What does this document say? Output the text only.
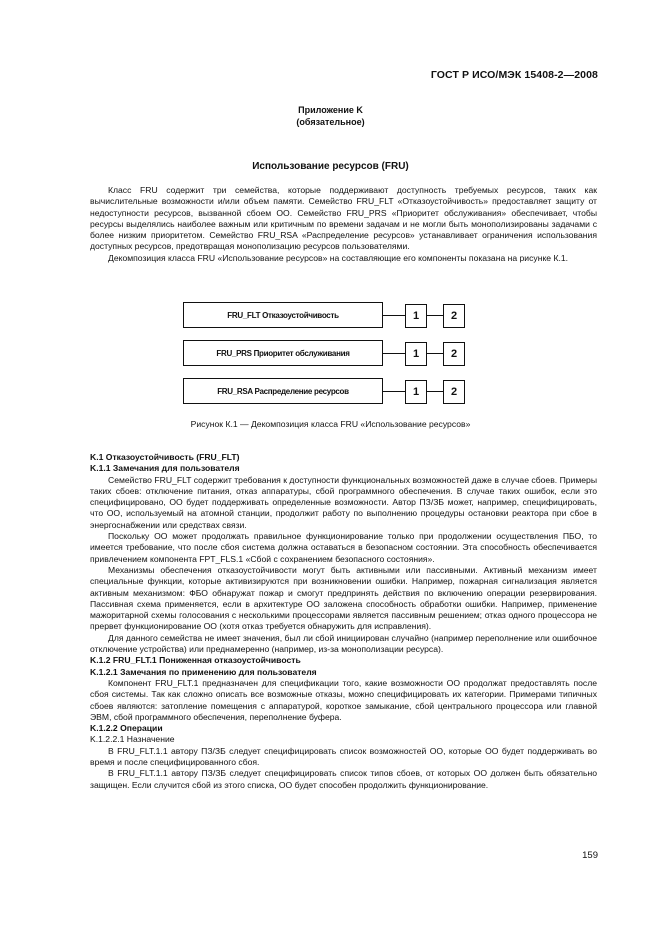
ГОСТ Р ИСО/МЭК 15408-2—2008
Приложение K
(обязательное)
Использование ресурсов (FRU)

Класс FRU содержит три семейства, которые поддерживают доступность требуемых ресурсов, таких как вычислительные возможности и/или объем памяти. Семейство FRU_FLT «Отказоустойчивость» предоставляет защиту от недоступности ресурсов, вызванной сбоем ОО. Семейство FRU_PRS «Приоритет обслуживания» обеспечивает, чтобы ресурсы выделялись наиболее важным или критичным по времени задачам и не могли быть монополизированы задачами с более низким приоритетом. Семейство FRU_RSA «Распределение ресурсов» устанавливает ограничения использования доступных ресурсов, предотвращая монополизацию ресурсов пользователями.

Декомпозиция класса FRU «Использование ресурсов» на составляющие его компоненты показана на рисунке К.1.

FRU_FLT Отказоустойчивость	1	2
FRU_PRS Приоритет обслуживания	1	2
FRU_RSA Распределение ресурсов	1	2
Рисунок К.1 — Декомпозиция класса FRU «Использование ресурсов»

K.1 Отказоустойчивость (FRU_FLT)

K.1.1 Замечания для пользователя

Семейство FRU_FLT содержит требования к доступности функциональных возможностей даже в случае сбоев. Примеры таких сбоев: отключение питания, отказ аппаратуры, сбой программного обеспечения. В случае таких ошибок, если это специфицировано, ОО будет поддерживать определенные возможности. Автор ПЗ/ЗБ может, например, специфицировать, что ОО, используемый на атомной станции, продолжит работу по выполнению процедуры остановки реактора при сбое в энергоснабжении или средствах связи.

Поскольку ОО может продолжать правильное функционирование только при продолжении осуществления ПБО, то имеется требование, что после сбоя система должна оставаться в безопасном состоянии. Эта способность обеспечивается привлечением компонента FPT_FLS.1 «Сбой с сохранением безопасного состояния».

Механизмы обеспечения отказоустойчивости могут быть активными или пассивными. Активный механизм имеет специальные функции, которые активизируются при возникновении ошибки. Например, пожарная сигнализация является активным механизмом: ФБО обнаружат пожар и смогут предпринять действия по включению операции резервирования. Пассивная схема применяется, если в архитектуре ОО заложена способность обработки ошибки. Например, применение мажоритарной схемы голосования с несколькими процессорами является пассивным решением; отказ одного процессора не прервет функционирование ОО (хотя отказ требуется обнаружить для исправления).

Для данного семейства не имеет значения, был ли сбой инициирован случайно (например переполнение или ошибочное отключение устройства) или преднамеренно (например, из-за монополизации ресурса).

K.1.2 FRU_FLT.1 Пониженная отказоустойчивость

K.1.2.1 Замечания по применению для пользователя

Компонент FRU_FLT.1 предназначен для спецификации того, какие возможности ОО продолжат предоставлять после сбоя системы. Так как сложно описать все возможные отказы, можно специфицировать их категории. Примерами типичных сбоев являются: затопление помещения с аппаратурой, короткое замыкание, сбой центрального процессора или главной ЭВМ, сбой программного обеспечения, переполнение буфера.

K.1.2.2 Операции

K.1.2.2.1 Назначение

В FRU_FLT.1.1 автору ПЗ/ЗБ следует специфицировать список возможностей ОО, которые ОО будет поддерживать во время и после специфицированного сбоя.

В FRU_FLT.1.1 автору ПЗ/ЗБ следует специфицировать список типов сбоев, от которых ОО должен быть обязательно защищен. Если случится сбой из этого списка, ОО будет способен продолжить функционирование.

159
